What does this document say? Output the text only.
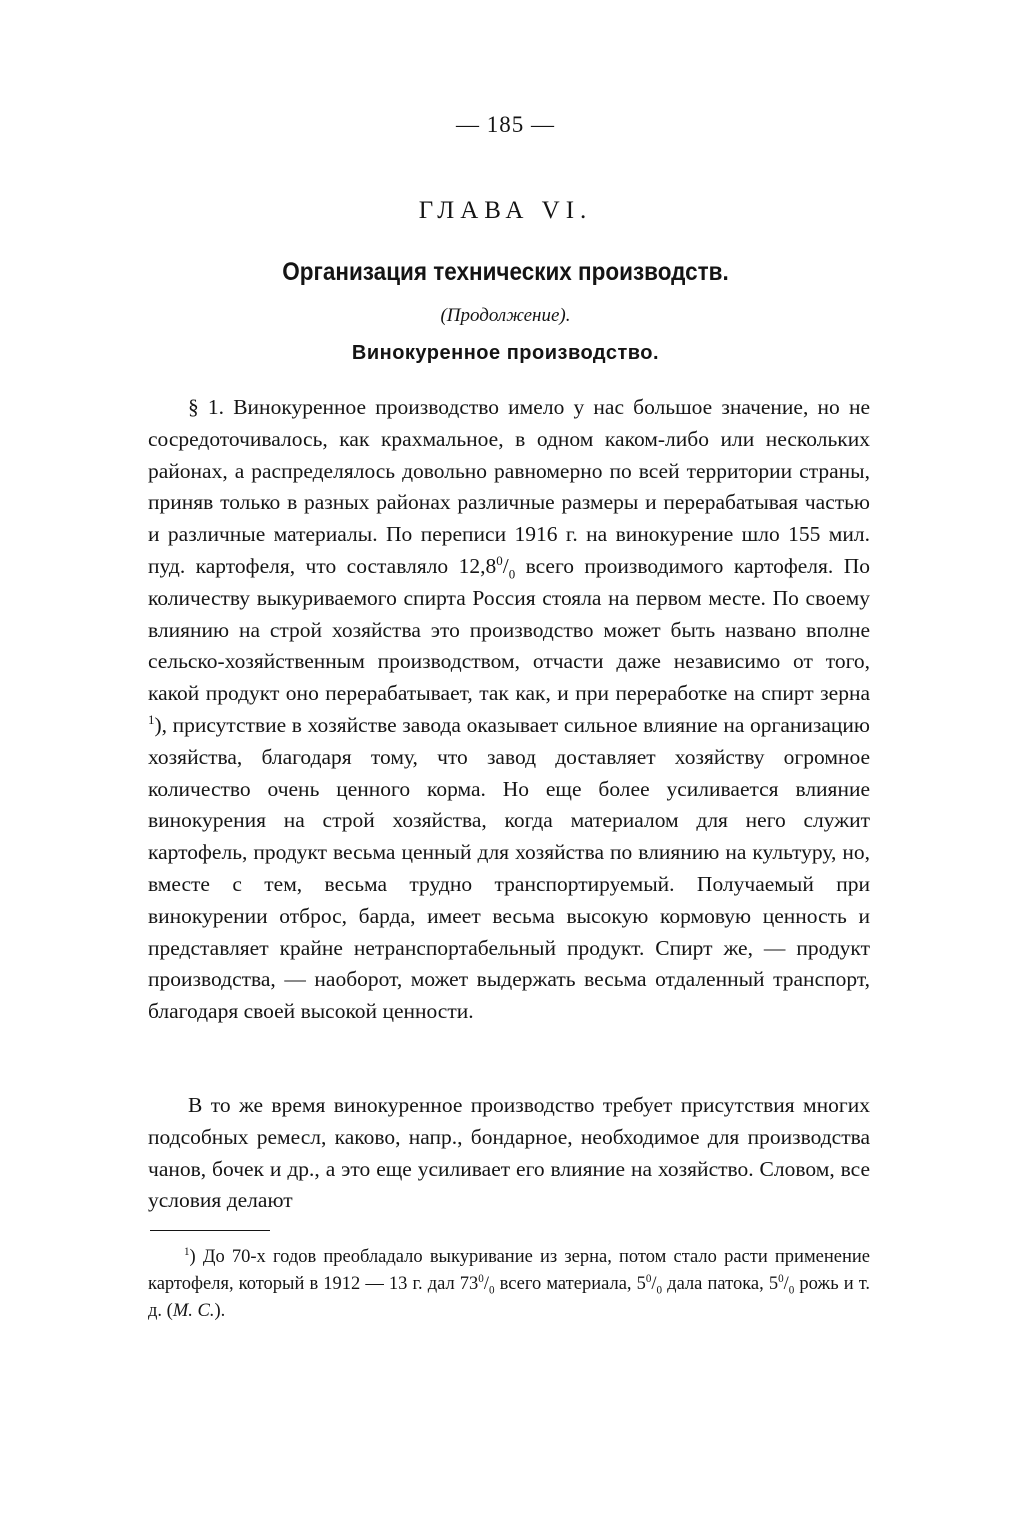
— 185 —
ГЛАВА VI.
Организация технических производств.
(Продолжение).
Винокуренное производство.

§ 1. Винокуренное производство имело у нас большое значение, но не сосредоточивалось, как крахмальное, в одном каком-либо или нескольких районах, а распределялось довольно равномерно по всей территории страны, приняв только в разных районах различные размеры и перерабатывая частью и различные материалы. По переписи 1916 г. на винокурение шло 155 мил. пуд. картофеля, что составляло $12,8^0/_0$ всего производимого картофеля. По количеству выкуриваемого спирта Россия стояла на первом месте. По своему влиянию на строй хозяйства это производство может быть названо вполне сельско-хозяйственным производством, отчасти даже независимо от того, какой продукт оно перерабатывает, так как, и при переработке на спирт зерна $^1$), присутствие в хозяйстве завода оказывает сильное влияние на организацию хозяйства, благодаря тому, что завод доставляет хозяйству огромное количество очень ценного корма. Но еще более усиливается влияние винокурения на строй хозяйства, когда материалом для него служит картофель, продукт весьма ценный для хозяйства по влиянию на культуру, но, вместе с тем, весьма трудно транспортируемый. Получаемый при винокурении отброс, барда, имеет весьма высокую кормовую ценность и представляет крайне нетранспортабельный продукт. Спирт же, — продукт производства, — наоборот, может выдержать весьма отдаленный транспорт, благодаря своей высокой ценности.

В то же время винокуренное производство требует присутствия многих подсобных ремесл, каково, напр., бондарное, необходимое для производства чанов, бочек и др., а это еще усиливает его влияние на хозяйство. Словом, все условия делают

$^1$) До 70-х годов преобладало выкуривание из зерна, потом стало расти применение картофеля, который в 1912 — 13 г. дал $73^0/_0$ всего материала, $5^0/_0$ дала патока, $5^0/_0$ рожь и т. д. (М. С.).
